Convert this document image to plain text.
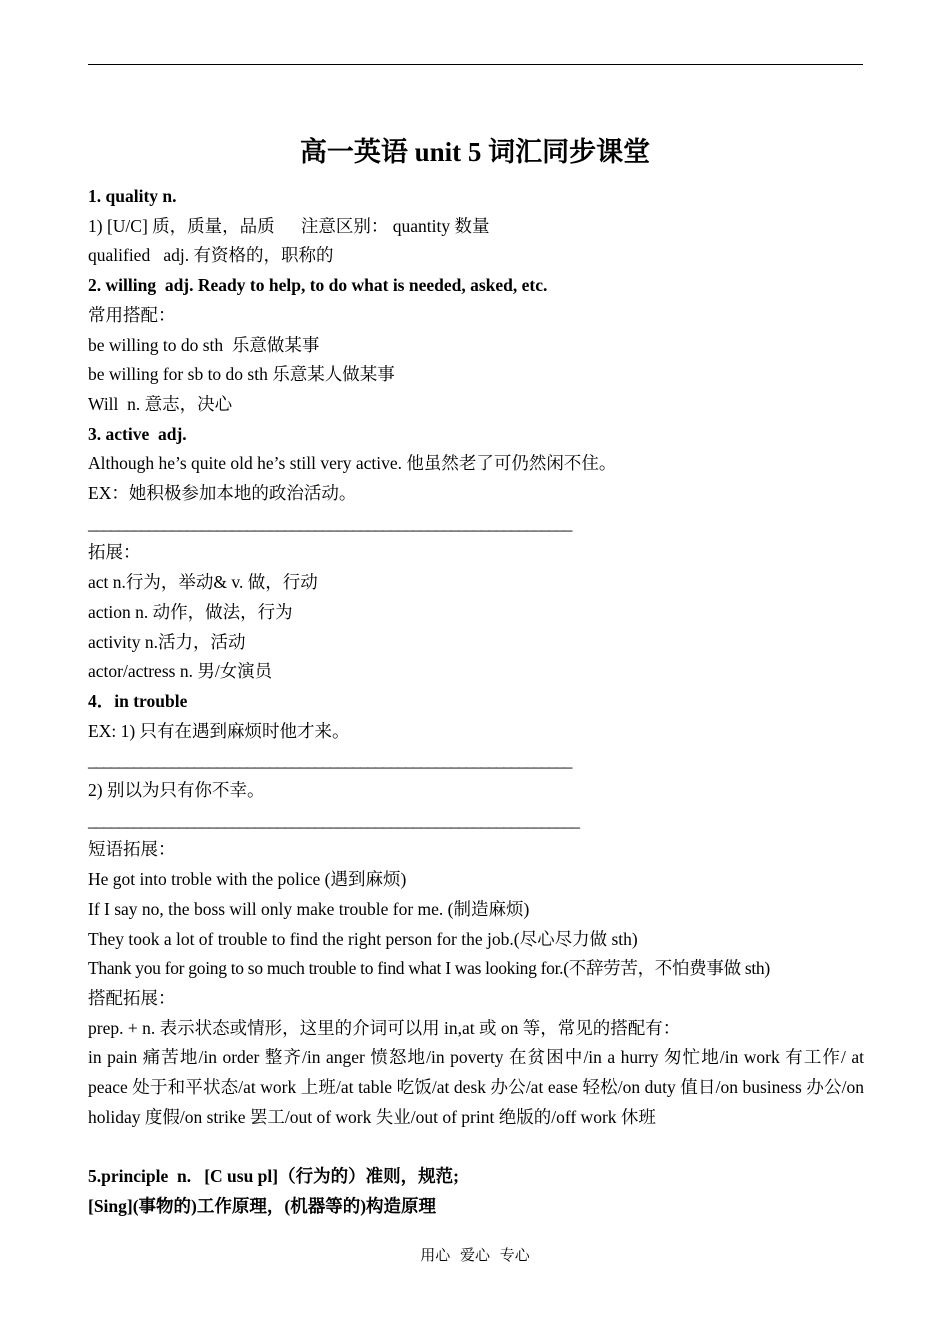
高一英语 unit 5 词汇同步课堂
1. quality n.
1) [U/C] 质，质量，品质      注意区别： quantity 数量
qualified   adj. 有资格的，职称的
2. willing  adj. Ready to help, to do what is needed, asked, etc.
常用搭配：
be willing to do sth  乐意做某事
be willing for sb to do sth 乐意某人做某事
Will  n. 意志，决心
3. active  adj.
Although he’s quite old he’s still very active. 他虽然老了可仍然闲不住。
EX：她积极参加本地的政治活动。
________________________________________________________________
拓展：
act n.行为，举动& v. 做，行动
action n. 动作，做法，行为
activity n.活力，活动
actor/actress n. 男/女演员
4．in trouble
EX: 1) 只有在遇到麻烦时他才来。
________________________________________________________________
2) 别以为只有你不幸。
_________________________________________________________________
短语拓展：
He got into troble with the police (遇到麻烦)
If I say no, the boss will only make trouble for me. (制造麻烦)
They took a lot of trouble to find the right person for the job.(尽心尽力做 sth)
Thank you for going to so much trouble to find what I was looking for.(不辞劳苦，不怕费事做 sth)
搭配拓展：
prep. + n. 表示状态或情形，这里的介词可以用 in,at 或 on 等，常见的搭配有：
in pain 痛苦地/in order 整齐/in anger 愤怒地/in poverty 在贫困中/in a hurry 匆忙地/in work 有工作/ at peace 处于和平状态/at work 上班/at table 吃饭/at desk 办公/at ease 轻松/on duty 值日/on business 办公/on holiday 度假/on strike 罢工/out of work 失业/out of print 绝版的/off work 休班
5.principle  n.   [C usu pl]（行为的）准则，规范;
[Sing](事物的)工作原理，(机器等的)构造原理
用心 爱心 专心
